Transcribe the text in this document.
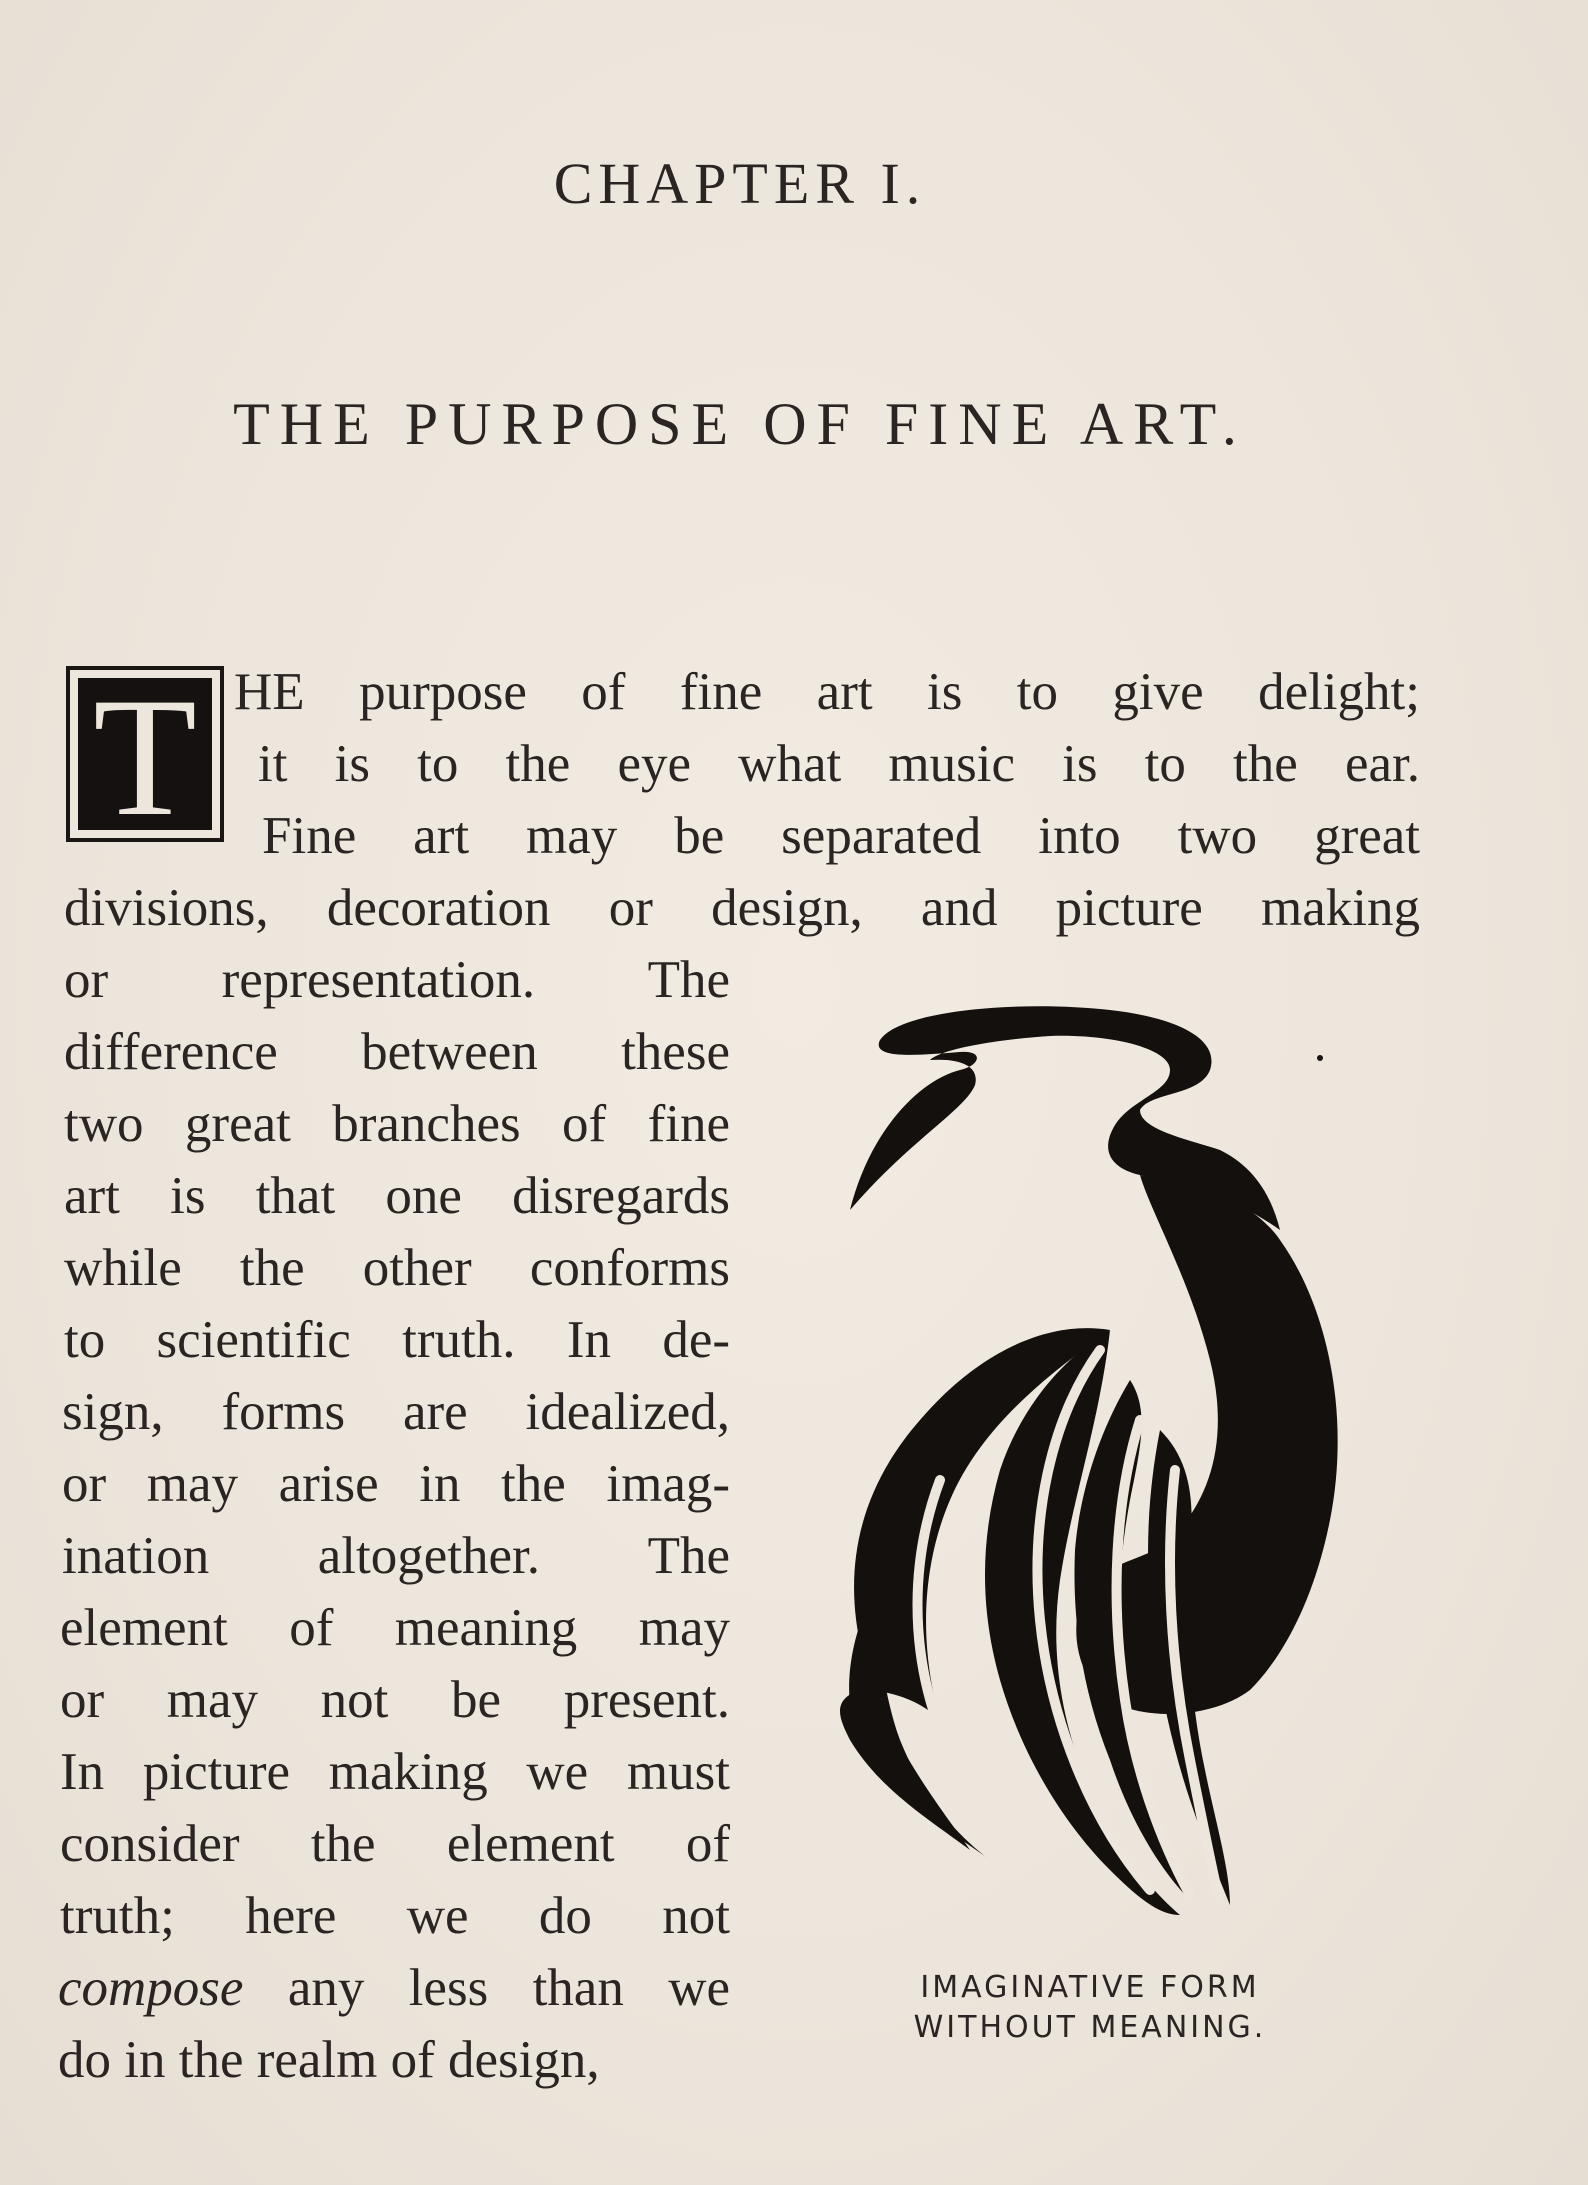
CHAPTER I.
THE PURPOSE OF FINE ART.
T HE purpose of fine art is to give delight;
it is to the eye what music is to the ear.
Fine art may be separated into two great
divisions, decoration or design, and picture making
or representation. The
difference between these
two great branches of fine
art is that one disregards
while the other conforms
to scientific truth. In de-
sign, forms are idealized,
or may arise in the imag-
ination altogether. The
element of meaning may
or may not be present.
In picture making we must
consider the element of
truth; here we do not
compose any less than we
do in the realm of design,
IMAGINATIVE FORM
WITHOUT MEANING.
